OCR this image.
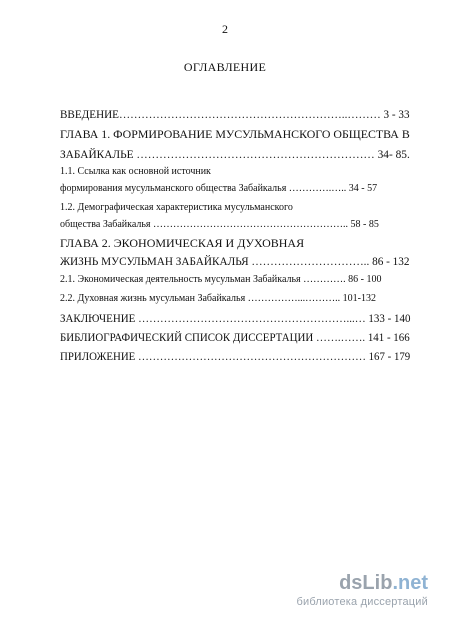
2
ОГЛАВЛЕНИЕ
ВВЕДЕНИЕ……………………………………………………..……… 3 - 33
ГЛАВА 1. ФОРМИРОВАНИЕ МУСУЛЬМАНСКОГО ОБЩЕСТВА В
ЗАБАЙКАЛЬЕ ……………………………………………………… 34- 85.
1.1. Ссылка как основной источник
формирования мусульманского общества Забайкалья ………….….. 34 - 57
1.2. Демографическая характеристика мусульманского
общества Забайкалья ………………………………………………….. 58 - 85
ГЛАВА 2. ЭКОНОМИЧЕСКАЯ И ДУХОВНАЯ
ЖИЗНЬ МУСУЛЬМАН ЗАБАЙКАЛЬЯ ………………………….. 86 - 132
2.1. Экономическая деятельность мусульман Забайкалья …………. 86 - 100
2.2. Духовная жизнь мусульман Забайкалья ……………...……….. 101-132
ЗАКЛЮЧЕНИЕ …………………………………………………...… 133 - 140
БИБЛИОГРАФИЧЕСКИЙ СПИСОК ДИССЕРТАЦИИ …….……. 141 - 166
ПРИЛОЖЕНИЕ ……………………………………………………… 167 - 179
dsLib.net
библиотека диссертаций
